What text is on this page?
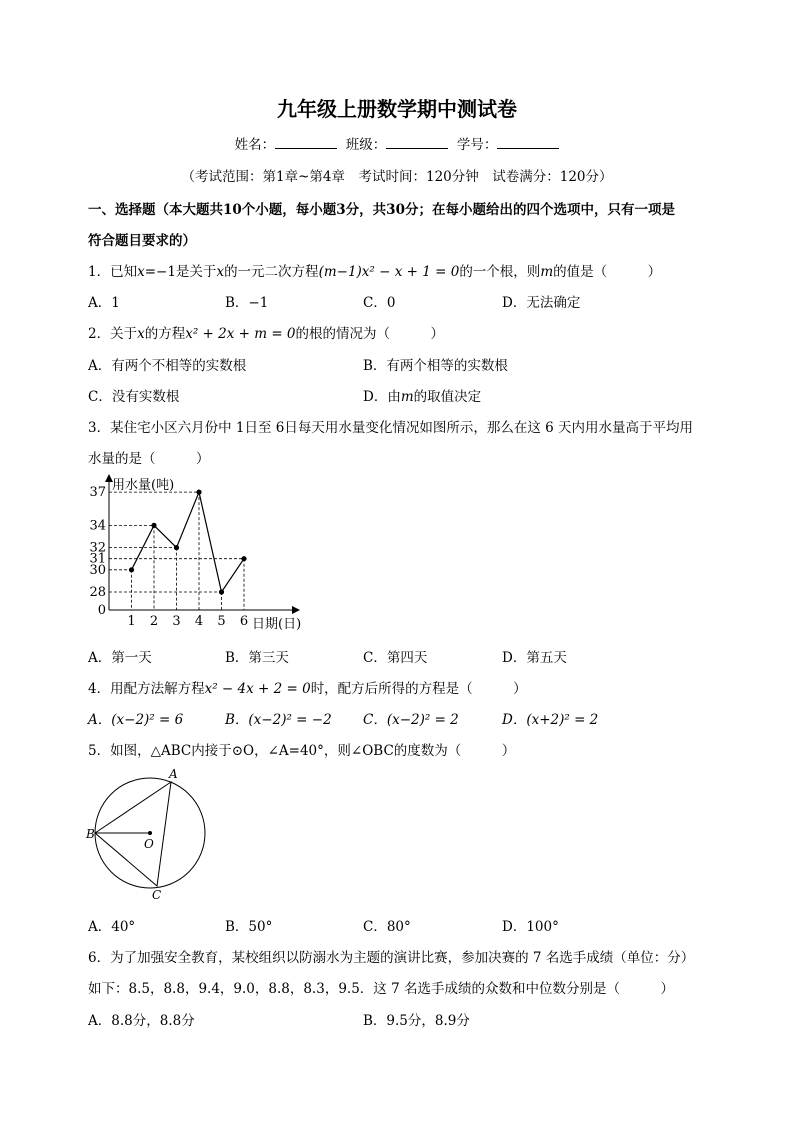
九年级上册数学期中测试卷
姓名：	班级：	学号：
（考试范围：第1章~第4章　考试时间：120分钟　试卷满分：120分）
一、选择题（本大题共10个小题，每小题3分，共30分；在每小题给出的四个选项中，只有一项是
符合题目要求的）
1．已知x=−1是关于x的一元二次方程(m−1)x² − x + 1 = 0的一个根，则m的值是（　　　）
A．1	B．−1	C．0	D．无法确定
2．关于x的方程x² + 2x + m = 0的根的情况为（　　　）
A．有两个不相等的实数根	B．有两个相等的实数根
C．没有实数根	D．由m的取值决定
3．某住宅小区六月份中 1日至 6日每天用水量变化情况如图所示，那么在这 6 天内用水量高于平均用
水量的是（　　　）
用水量(吨)
日期(日)
0
28
30
31
32
34
37
1 2 3 4 5 6
A．第一天	B．第三天	C．第四天	D．第五天
4．用配方法解方程x² − 4x + 2 = 0时，配方后所得的方程是（　　　）
A．(x−2)² = 6	B．(x−2)² = −2 C．(x−2)² = 2	D．(x+2)² = 2
5．如图，△ABC内接于⊙O，∠A=40°，则∠OBC的度数为（　　　）
A
B
C
O
A．40°	B．50°	C．80°	D．100°
6．为了加强安全教育，某校组织以防溺水为主题的演讲比赛，参加决赛的 7 名选手成绩（单位：分）
如下：8.5，8.8，9.4，9.0，8.8，8.3，9.5．这 7 名选手成绩的众数和中位数分别是（　　　）
A．8.8分，8.8分	B．9.5分，8.9分
